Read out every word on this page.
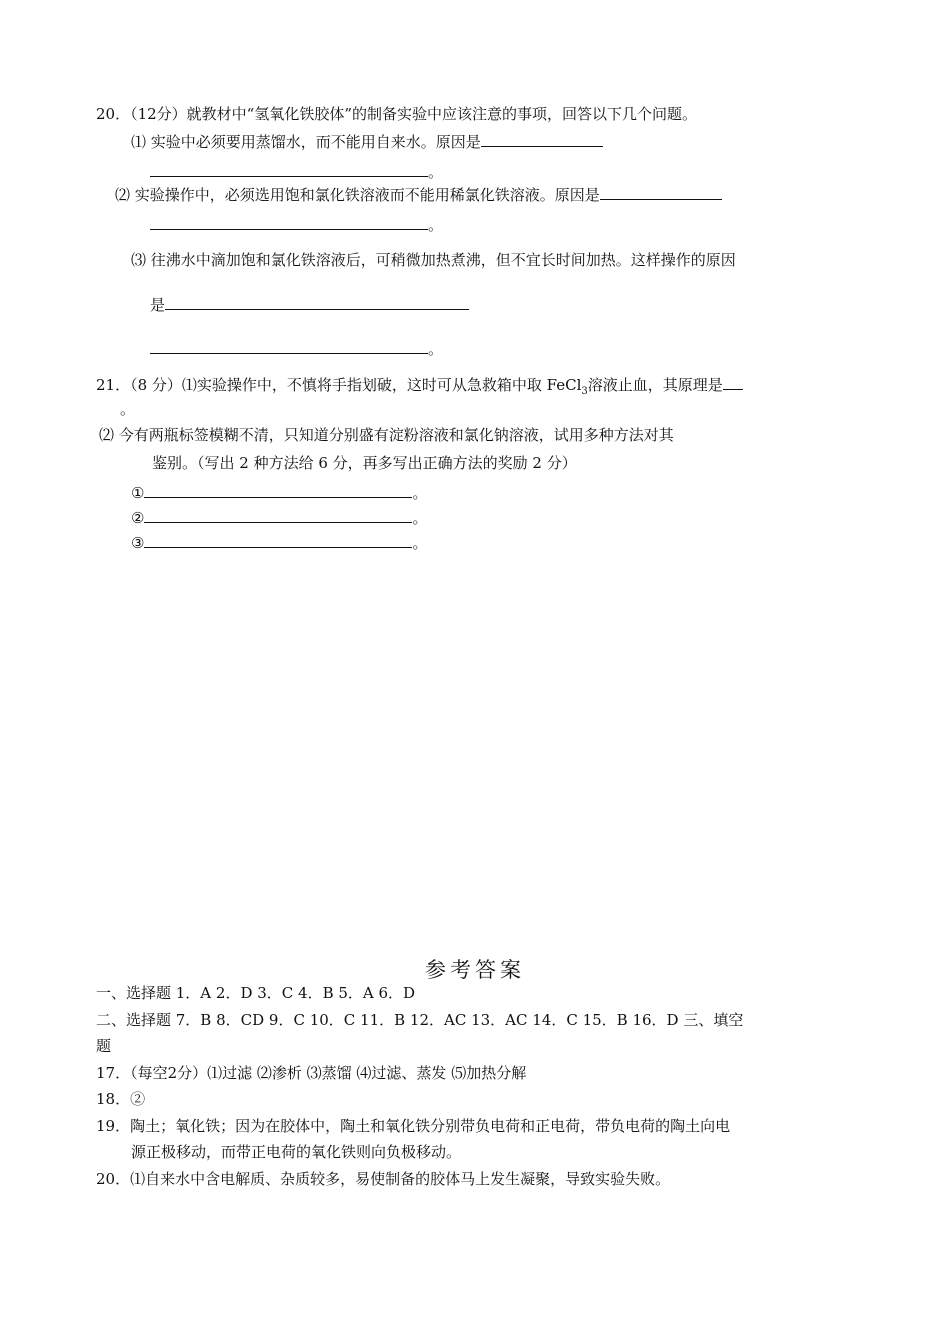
20．（12分）就教材中“氢氧化铁胶体”的制备实验中应该注意的事项，回答以下几个问题。
⑴ 实验中必须要用蒸馏水，而不能用自来水。原因是
。
⑵ 实验操作中，必须选用饱和氯化铁溶液而不能用稀氯化铁溶液。原因是
。
⑶ 往沸水中滴加饱和氯化铁溶液后，可稍微加热煮沸，但不宜长时间加热。这样操作的原因
是
。
21．（8 分）⑴实验操作中，不慎将手指划破，这时可从急救箱中取 FeCl$_3$溶液止血，其原理是
。
⑵ 今有两瓶标签模糊不清，只知道分别盛有淀粉溶液和氯化钠溶液，试用多种方法对其
鉴别。（写出 2 种方法给 6 分，再多写出正确方法的奖励 2 分）
①	。
②	。
③	。
参考答案
一、选择题 1．A 2．D 3．C 4．B 5．A 6．D
二、选择题 7．B 8．CD 9．C 10．C 11．B 12．AC 13．AC 14．C 15．B 16．D 三、填空
题
17．（每空2分）⑴过滤 ⑵渗析 ⑶蒸馏 ⑷过滤、蒸发 ⑸加热分解
18．②
19．陶土；氧化铁；因为在胶体中，陶土和氧化铁分别带负电荷和正电荷，带负电荷的陶土向电
源正极移动，而带正电荷的氧化铁则向负极移动。
20．⑴自来水中含电解质、杂质较多，易使制备的胶体马上发生凝聚，导致实验失败。
